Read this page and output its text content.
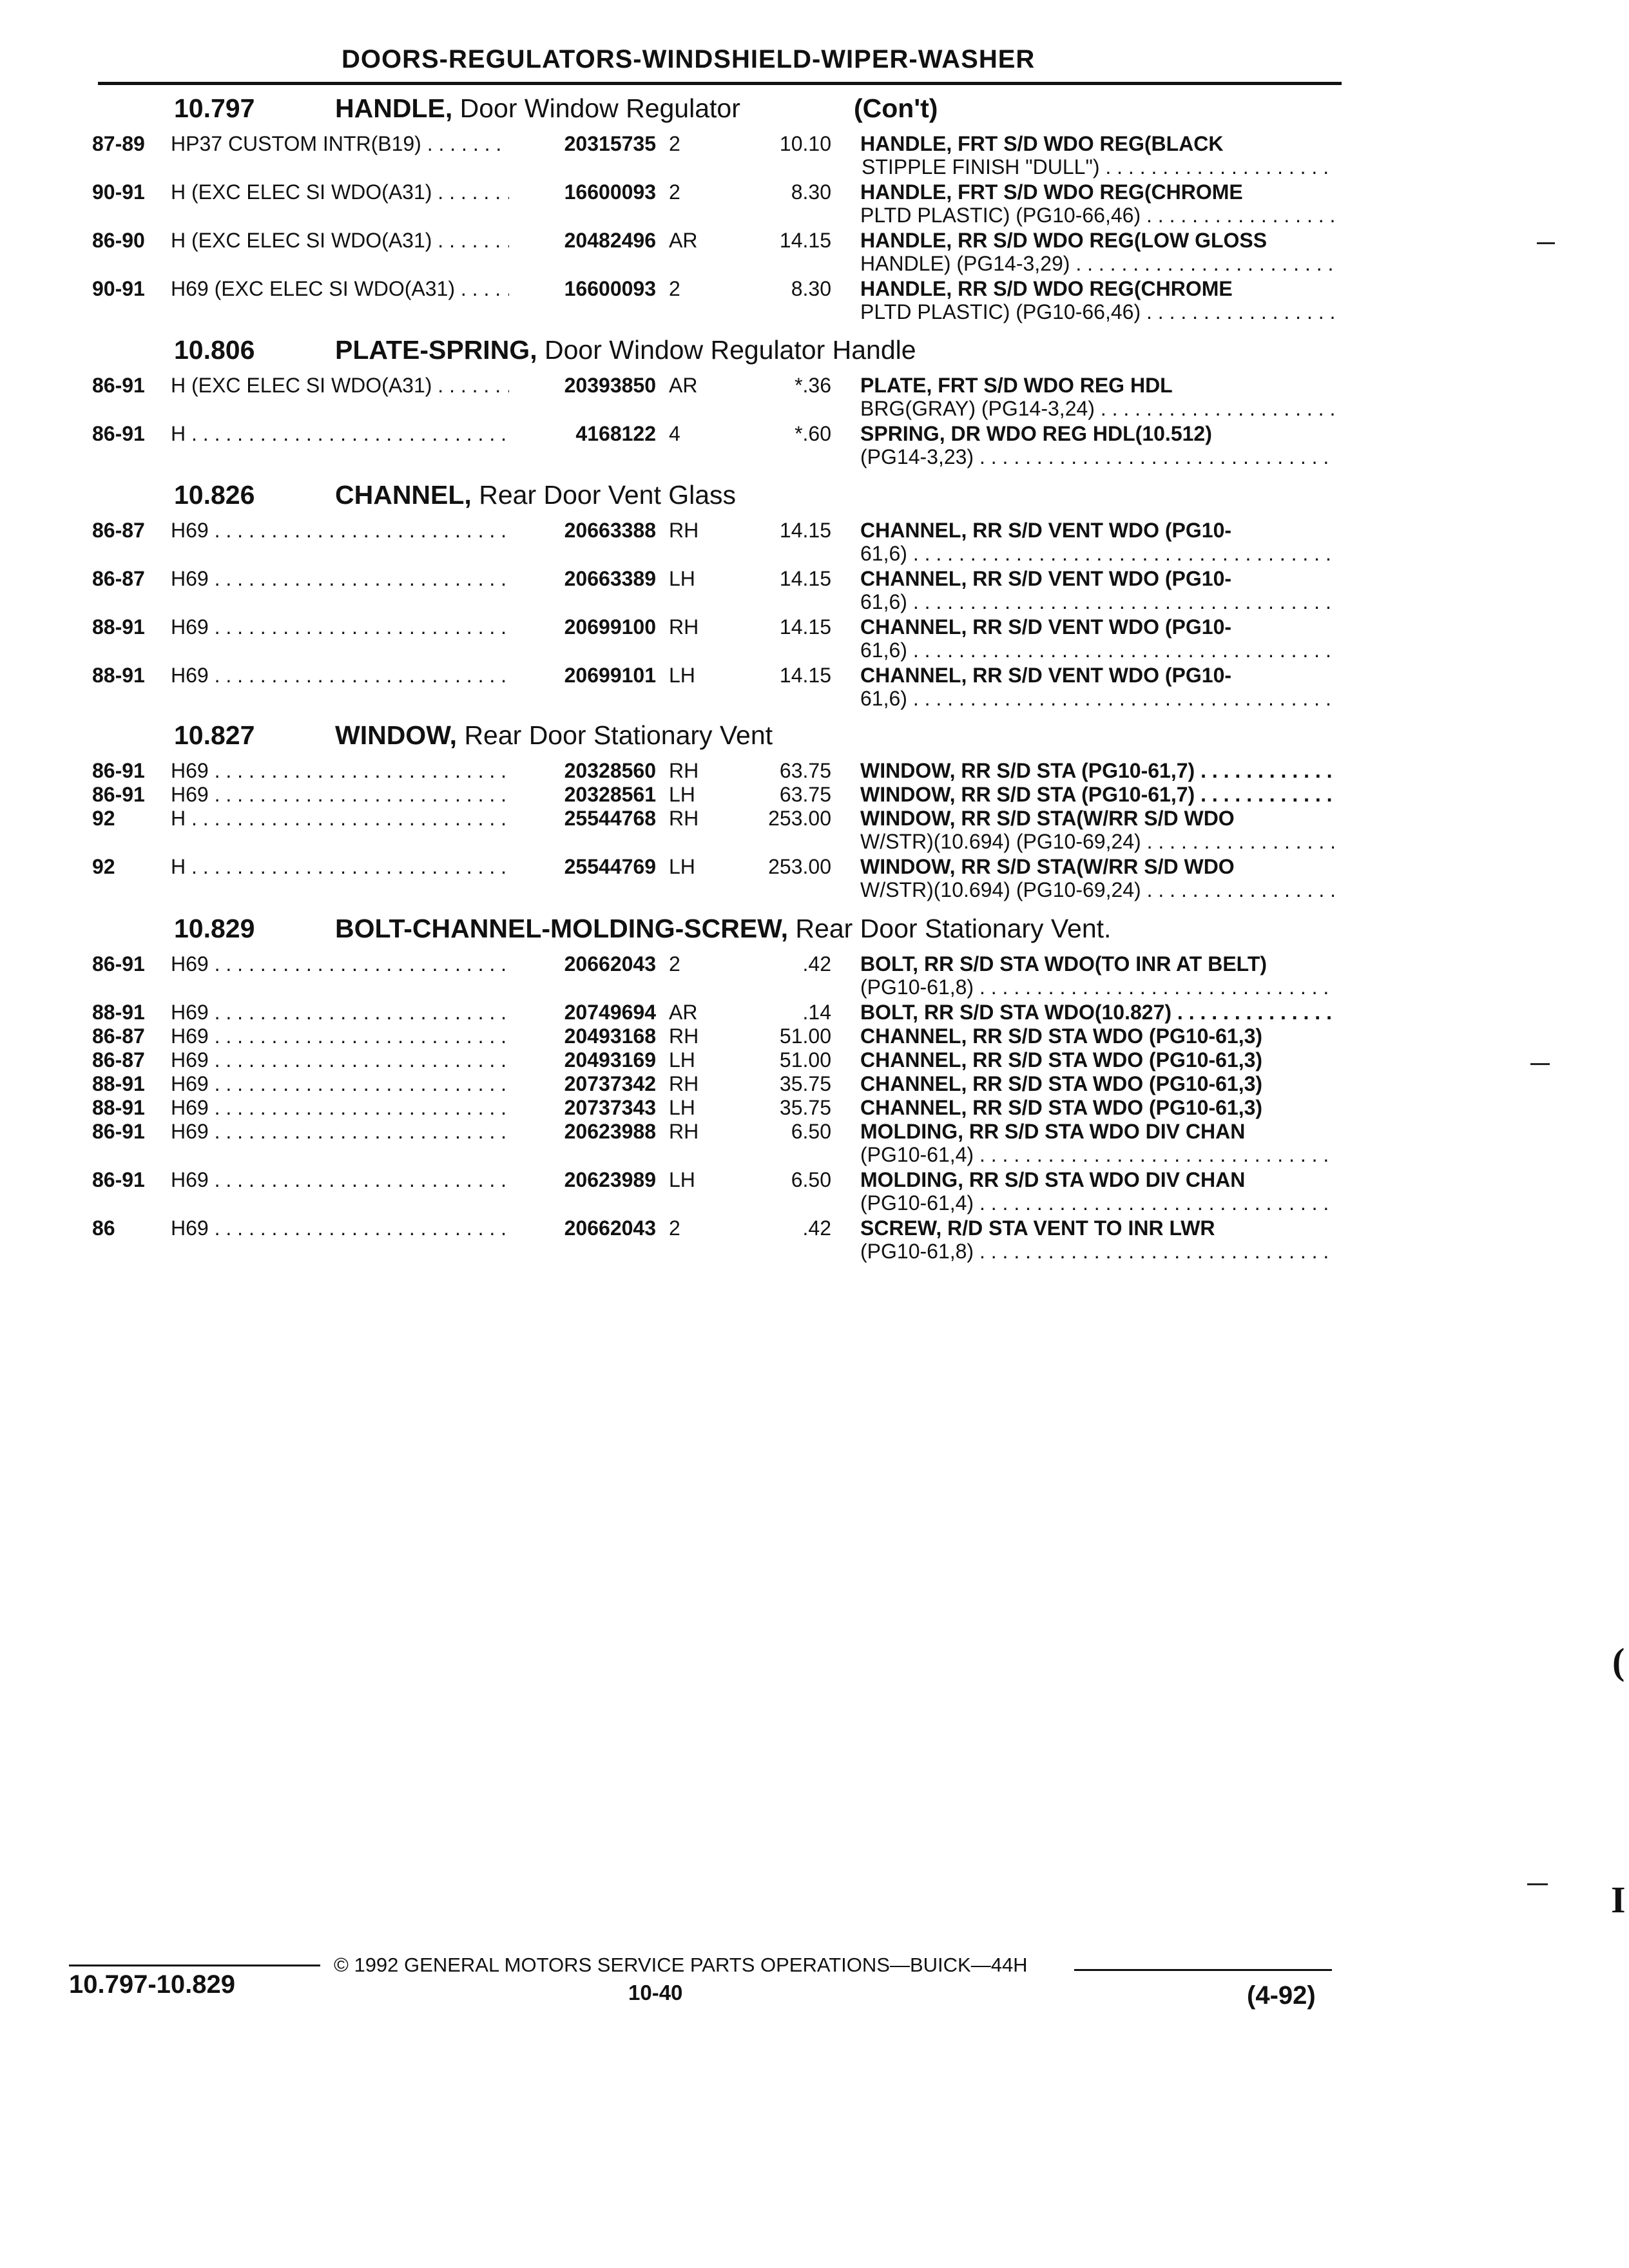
DOORS-REGULATORS-WINDSHIELD-WIPER-WASHER
10.797	HANDLE, Door Window Regulator	(Con't)
87-89 HP37 CUSTOM INTR(B19) . . .	20315735 2	10.10 HANDLE, FRT S/D WDO REG(BLACK
STIPPLE FINISH "DULL") . . .
90-91 H (EXC ELEC SI WDO(A31) . . .	16600093 2	8.30 HANDLE, FRT S/D WDO REG(CHROME
PLTD PLASTIC) (PG10-66,46) . . .
86-90 H (EXC ELEC SI WDO(A31) . . .	20482496 AR	14.15 HANDLE, RR S/D WDO REG(LOW GLOSS
HANDLE) (PG14-3,29) . . .
90-91 H69 (EXC ELEC SI WDO(A31) . . .	16600093 2	8.30 HANDLE, RR S/D WDO REG(CHROME
PLTD PLASTIC) (PG10-66,46) . . .
10.806	PLATE-SPRING, Door Window Regulator Handle
86-91 H (EXC ELEC SI WDO(A31) . . .	20393850 AR	*.36 PLATE, FRT S/D WDO REG HDL
BRG(GRAY) (PG14-3,24) . . .
86-91 H . . .	4168122 4	*.60 SPRING, DR WDO REG HDL(10.512)
(PG14-3,23) . . .
10.826	CHANNEL, Rear Door Vent Glass
86-87 H69 . . .	20663388 RH	14.15 CHANNEL, RR S/D VENT WDO (PG10-
61,6) . . .
86-87 H69 . . .	20663389 LH	14.15 CHANNEL, RR S/D VENT WDO (PG10-
61,6) . . .
88-91 H69 . . .	20699100 RH	14.15 CHANNEL, RR S/D VENT WDO (PG10-
61,6) . . .
88-91 H69 . . .	20699101 LH	14.15 CHANNEL, RR S/D VENT WDO (PG10-
61,6) . . .
10.827	WINDOW, Rear Door Stationary Vent
86-91 H69 . . .	20328560 RH	63.75 WINDOW, RR S/D STA (PG10-61,7) . . .
86-91 H69 . . .	20328561 LH	63.75 WINDOW, RR S/D STA (PG10-61,7) . . .
92	H . . .	25544768 RH	253.00 WINDOW, RR S/D STA(W/RR S/D WDO
W/STR)(10.694) (PG10-69,24) . . .
92	H . . .	25544769 LH	253.00 WINDOW, RR S/D STA(W/RR S/D WDO
W/STR)(10.694) (PG10-69,24) . . .
10.829	BOLT-CHANNEL-MOLDING-SCREW, Rear Door Stationary Vent.
86-91 H69 . . .	20662043 2	.42 BOLT, RR S/D STA WDO(TO INR AT BELT)
(PG10-61,8) . . .
88-91 H69 . . .	20749694 AR	.14 BOLT, RR S/D STA WDO(10.827) . . .
86-87 H69 . . .	20493168 RH	51.00 CHANNEL, RR S/D STA WDO (PG10-61,3)
86-87 H69 . . .	20493169 LH	51.00 CHANNEL, RR S/D STA WDO (PG10-61,3)
88-91 H69 . . .	20737342 RH	35.75 CHANNEL, RR S/D STA WDO (PG10-61,3)
88-91 H69 . . .	20737343 LH	35.75 CHANNEL, RR S/D STA WDO (PG10-61,3)
86-91 H69 . . .	20623988 RH	6.50 MOLDING, RR S/D STA WDO DIV CHAN
(PG10-61,4) . . .
86-91 H69 . . .	20623989 LH	6.50 MOLDING, RR S/D STA WDO DIV CHAN
(PG10-61,4) . . .
86	H69 . . .	20662043 2	.42 SCREW, R/D STA VENT TO INR LWR
(PG10-61,8) . . .
(
I
© 1992 GENERAL MOTORS SERVICE PARTS OPERATIONS—BUICK—44H
10.797-10.829	10-40	(4-92)
